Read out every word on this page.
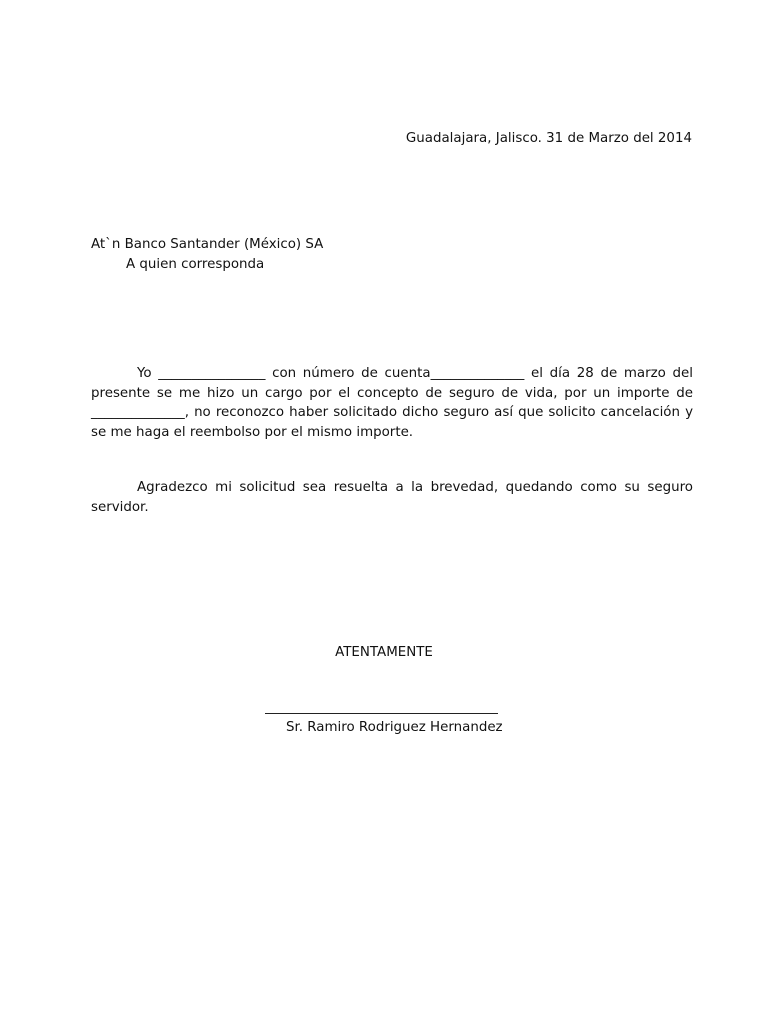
Guadalajara, Jalisco. 31 de Marzo del 2014
At`n Banco Santander (México) SA
A quien corresponda
Yo ________________ con número de cuenta______________ el día 28 de marzo del presente se me hizo un cargo por el concepto de seguro de vida, por un importe de ______________, no reconozco haber solicitado dicho seguro así que solicito cancelación y se me haga el reembolso por el mismo importe.
Agradezco mi solicitud sea resuelta a la brevedad, quedando como su seguro servidor.
ATENTAMENTE
Sr. Ramiro Rodriguez Hernandez
